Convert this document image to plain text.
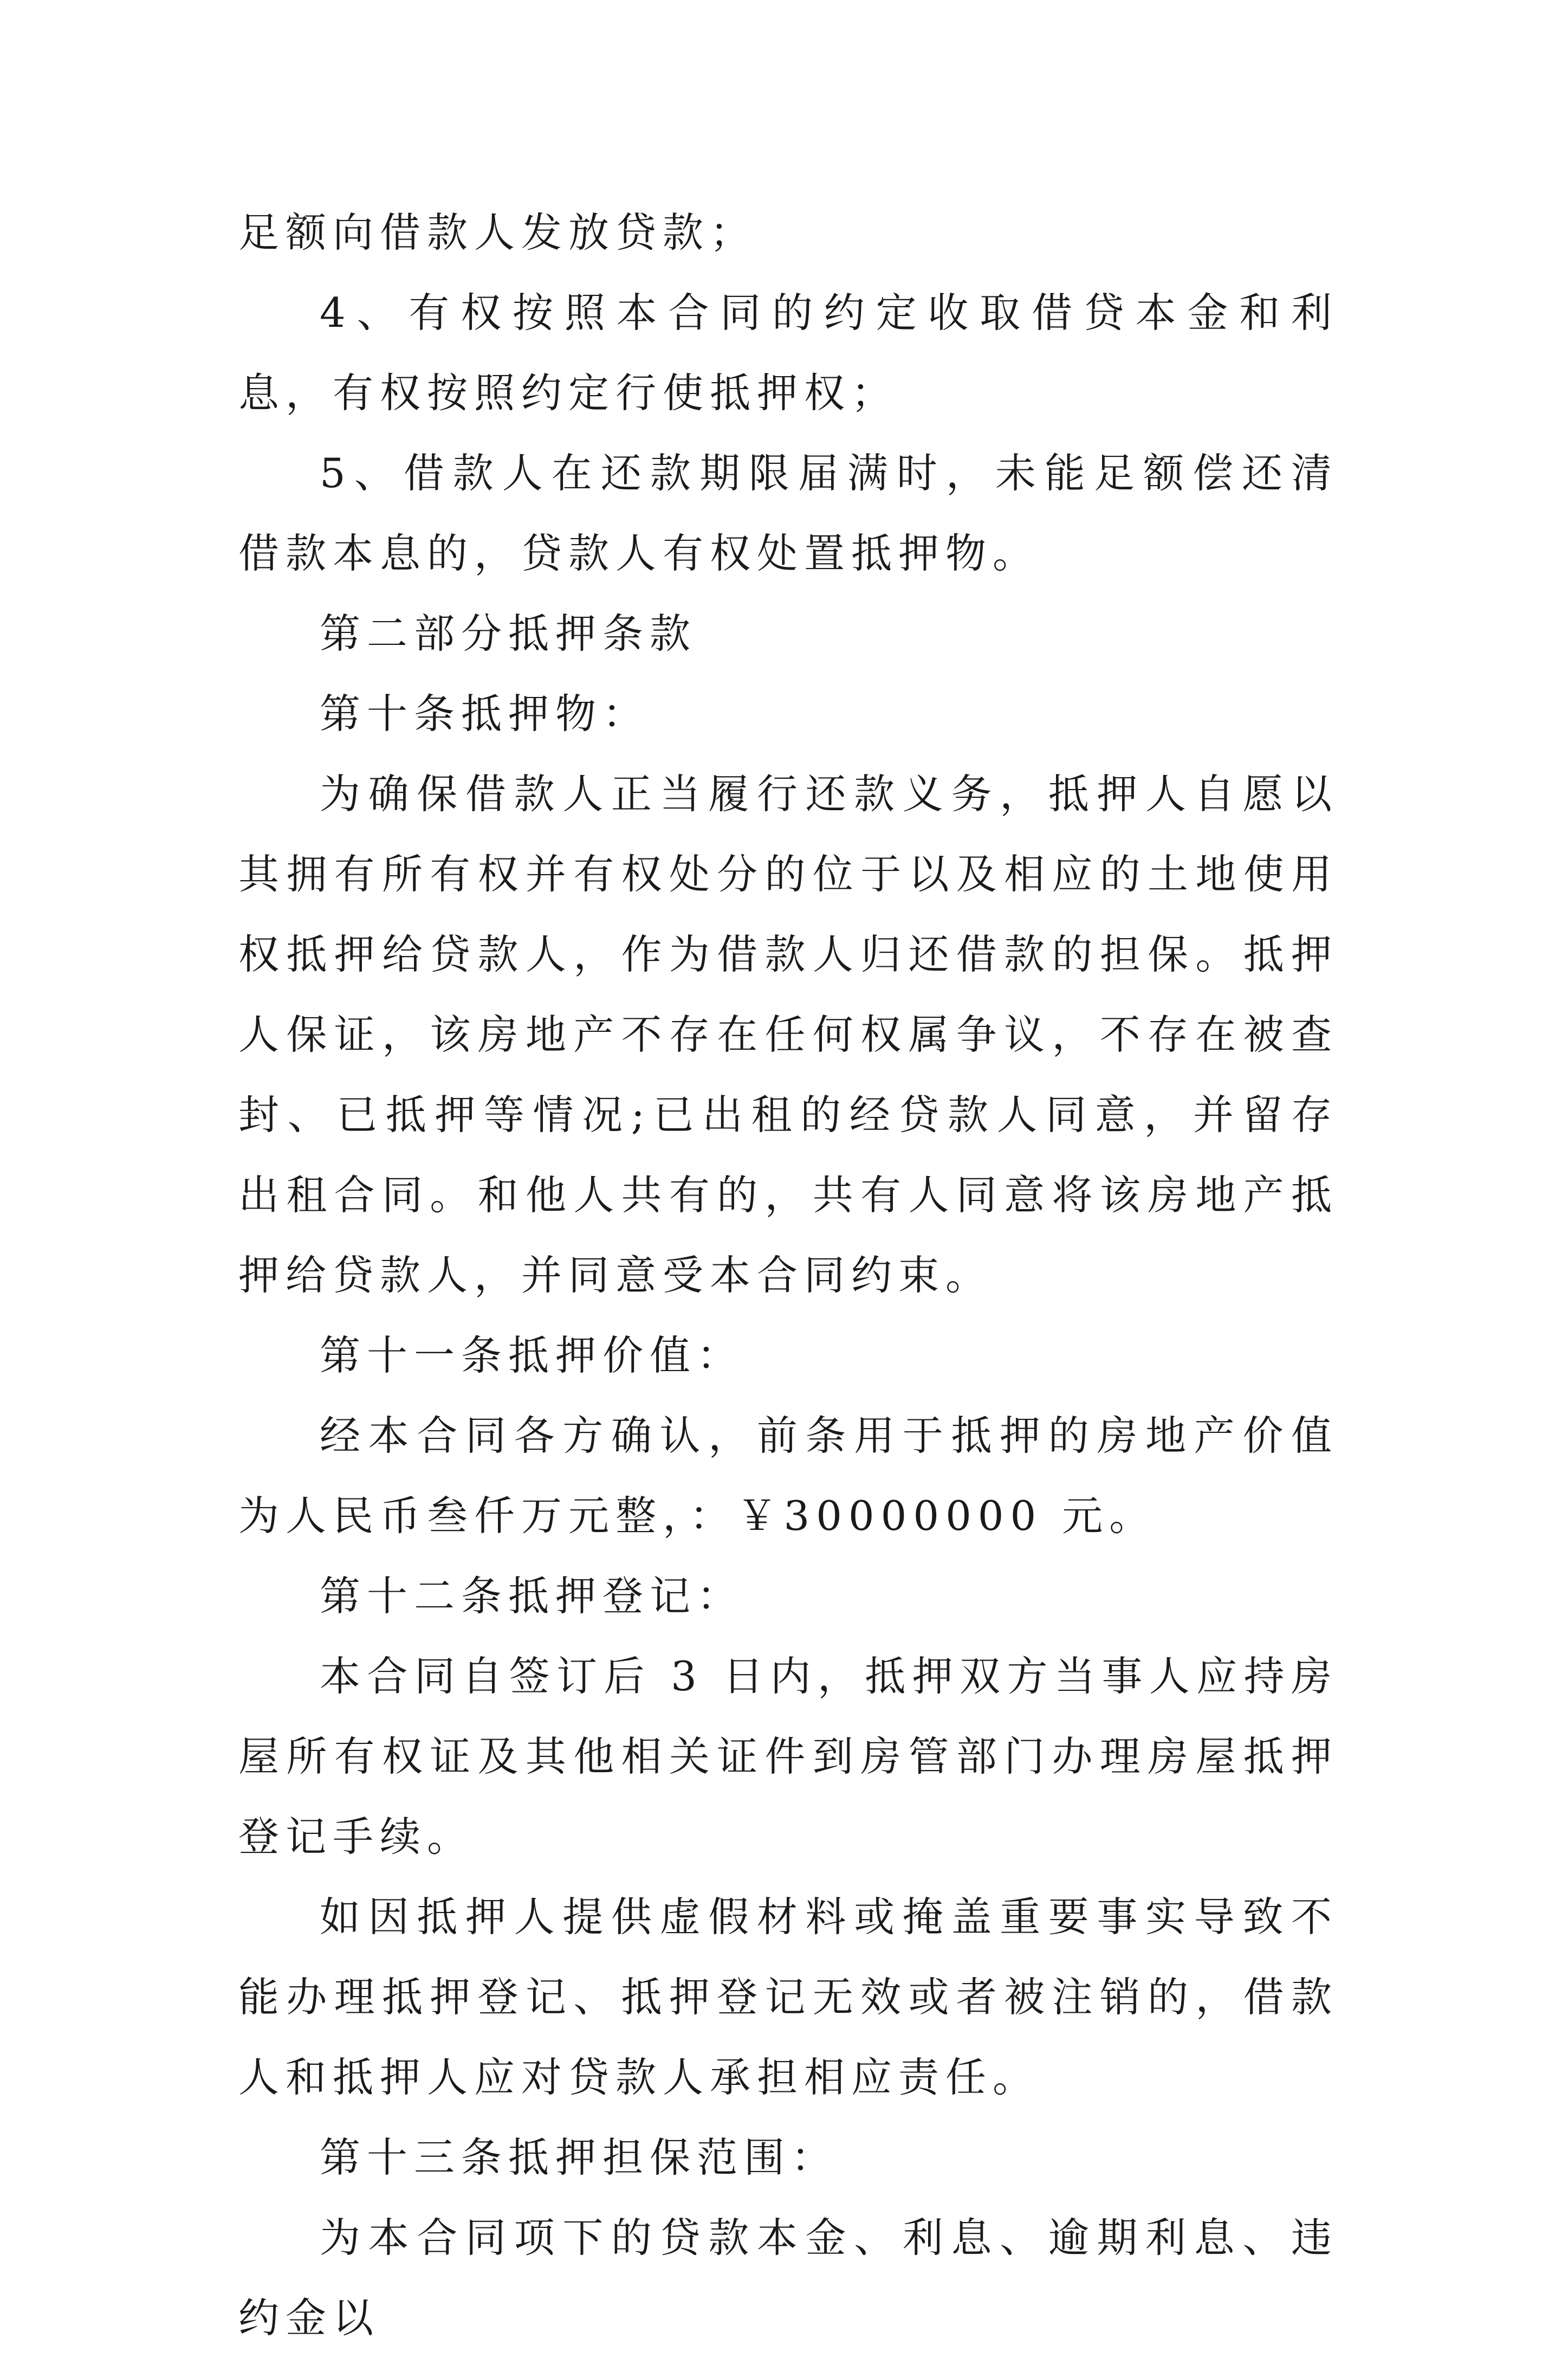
足额向借款人发放贷款；

4、有权按照本合同的约定收取借贷本金和利息，有权按照约定行使抵押权；

5、借款人在还款期限届满时，未能足额偿还清借款本息的，贷款人有权处置抵押物。

第二部分抵押条款

第十条抵押物：

为确保借款人正当履行还款义务，抵押人自愿以其拥有所有权并有权处分的位于以及相应的土地使用权抵押给贷款人，作为借款人归还借款的担保。抵押人保证，该房地产不存在任何权属争议，不存在被查封、已抵押等情况;已出租的经贷款人同意，并留存出租合同。和他人共有的，共有人同意将该房地产抵押给贷款人，并同意受本合同约束。

第十一条抵押价值：

经本合同各方确认，前条用于抵押的房地产价值为人民币叁仟万元整，：￥30000000 元。

第十二条抵押登记：

本合同自签订后 3 日内，抵押双方当事人应持房屋所有权证及其他相关证件到房管部门办理房屋抵押登记手续。

如因抵押人提供虚假材料或掩盖重要事实导致不能办理抵押登记、抵押登记无效或者被注销的，借款人和抵押人应对贷款人承担相应责任。

第十三条抵押担保范围：

为本合同项下的贷款本金、利息、逾期利息、违约金以
